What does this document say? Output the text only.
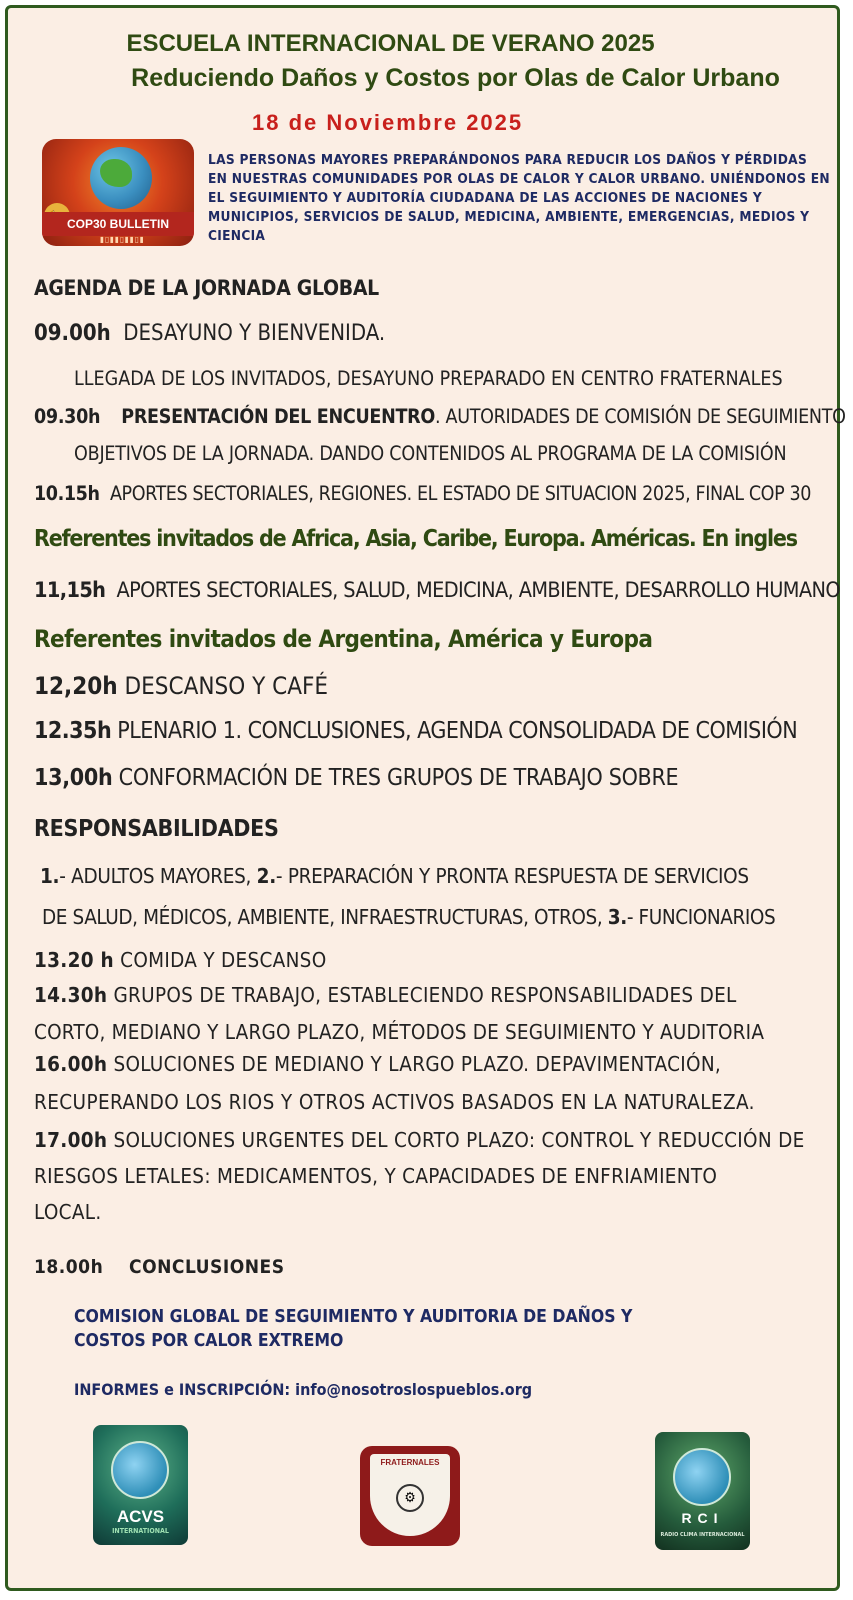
ESCUELA INTERNACIONAL DE VERANO 2025
Reduciendo Daños y Costos por Olas de Calor Urbano
18 de Noviembre 2025
COP30 BULLETIN
▮▯▮▮▯▮▮▯▮
LAS PERSONAS MAYORES PREPARÁNDONOS PARA REDUCIR LOS DAÑOS Y PÉRDIDAS EN NUESTRAS COMUNIDADES POR OLAS DE CALOR Y CALOR URBANO. UNIÉNDONOS EN EL SEGUIMIENTO Y AUDITORÍA CIUDADANA DE LAS ACCIONES DE NACIONES Y MUNICIPIOS, SERVICIOS DE SALUD, MEDICINA, AMBIENTE, EMERGENCIAS, MEDIOS Y CIENCIA
AGENDA DE LA JORNADA GLOBAL
09.00h DESAYUNO Y BIENVENIDA.
LLEGADA DE LOS INVITADOS, DESAYUNO PREPARADO EN CENTRO FRATERNALES
09.30h PRESENTACIÓN DEL ENCUENTRO. AUTORIDADES DE COMISIÓN DE SEGUIMIENTO
OBJETIVOS DE LA JORNADA. DANDO CONTENIDOS AL PROGRAMA DE LA COMISIÓN
10.15h APORTES SECTORIALES, REGIONES. EL ESTADO DE SITUACION 2025, FINAL COP 30
Referentes invitados de Africa, Asia, Caribe, Europa. Américas. En ingles
11,15h APORTES SECTORIALES, SALUD, MEDICINA, AMBIENTE, DESARROLLO HUMANO
Referentes invitados de Argentina, América y Europa
12,20h DESCANSO Y CAFÉ
12.35h PLENARIO 1. CONCLUSIONES, AGENDA CONSOLIDADA DE COMISIÓN
13,00h CONFORMACIÓN DE TRES GRUPOS DE TRABAJO SOBRE
RESPONSABILIDADES
1.- ADULTOS MAYORES, 2.- PREPARACIÓN Y PRONTA RESPUESTA DE SERVICIOS
DE SALUD, MÉDICOS, AMBIENTE, INFRAESTRUCTURAS, OTROS, 3.- FUNCIONARIOS
13.20 h COMIDA Y DESCANSO
14.30h GRUPOS DE TRABAJO, ESTABLECIENDO RESPONSABILIDADES DEL
CORTO, MEDIANO Y LARGO PLAZO, MÉTODOS DE SEGUIMIENTO Y AUDITORIA
16.00h SOLUCIONES DE MEDIANO Y LARGO PLAZO. DEPAVIMENTACIÓN,
RECUPERANDO LOS RIOS Y OTROS ACTIVOS BASADOS EN LA NATURALEZA.
17.00h SOLUCIONES URGENTES DEL CORTO PLAZO: CONTROL Y REDUCCIÓN DE
RIESGOS LETALES: MEDICAMENTOS, Y CAPACIDADES DE ENFRIAMIENTO
LOCAL.
18.00h CONCLUSIONES
COMISION GLOBAL DE SEGUIMIENTO Y AUDITORIA DE DAÑOS Y
COSTOS POR CALOR EXTREMO
INFORMES e INSCRIPCIÓN: info@nosotroslospueblos.org
ACVS
INTERNATIONAL
FRATERNALES
⚙
RCI
RADIO CLIMA INTERNACIONAL
